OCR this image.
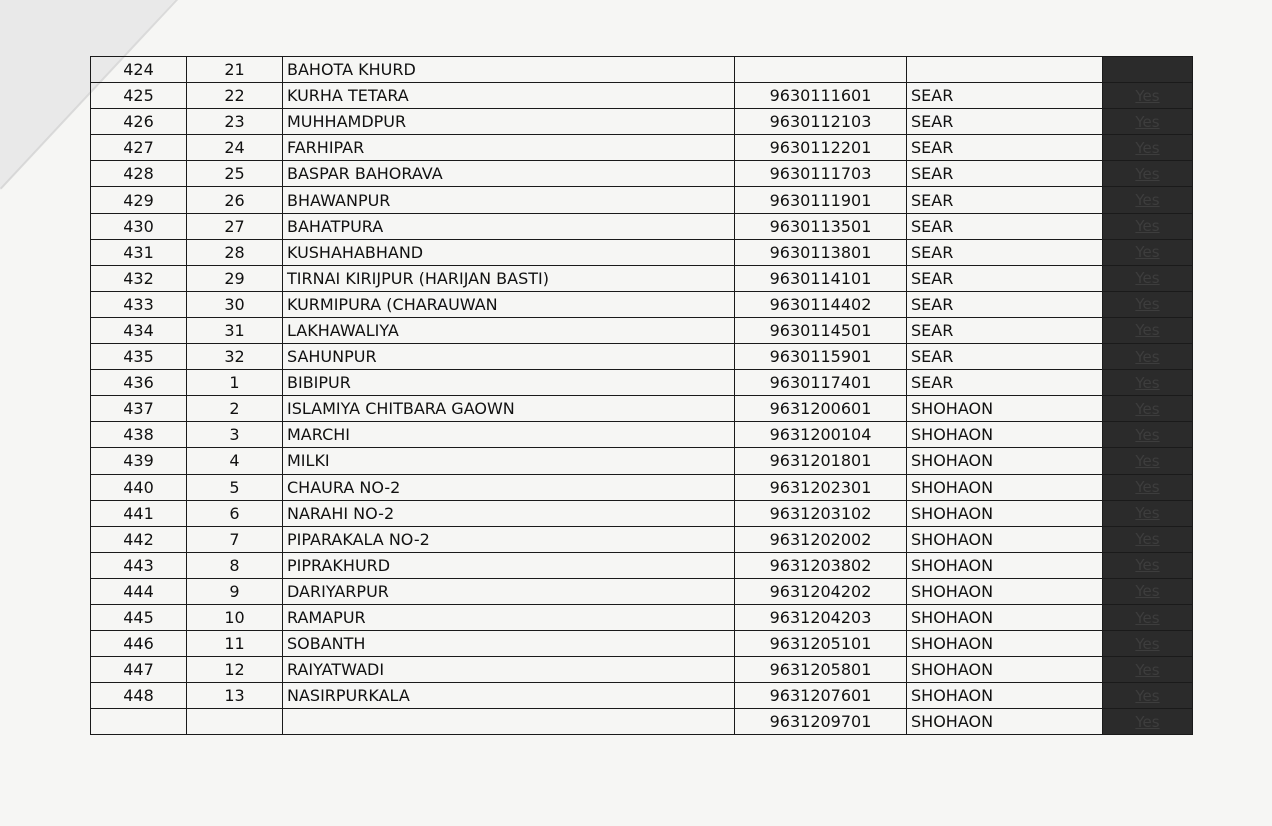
424	21	BAHOTA KHURD			
425	22	KURHA TETARA	9630111601	SEAR	Yes
426	23	MUHHAMDPUR	9630112103	SEAR	Yes
427	24	FARHIPAR	9630112201	SEAR	Yes
428	25	BASPAR BAHORAVA	9630111703	SEAR	Yes
429	26	BHAWANPUR	9630111901	SEAR	Yes
430	27	BAHATPURA	9630113501	SEAR	Yes
431	28	KUSHAHABHAND	9630113801	SEAR	Yes
432	29	TIRNAI KIRIJPUR (HARIJAN BASTI)	9630114101	SEAR	Yes
433	30	KURMIPURA (CHARAUWAN	9630114402	SEAR	Yes
434	31	LAKHAWALIYA	9630114501	SEAR	Yes
435	32	SAHUNPUR	9630115901	SEAR	Yes
436	1	BIBIPUR	9630117401	SEAR	Yes
437	2	ISLAMIYA CHITBARA GAOWN	9631200601	SHOHAON	Yes
438	3	MARCHI	9631200104	SHOHAON	Yes
439	4	MILKI	9631201801	SHOHAON	Yes
440	5	CHAURA NO-2	9631202301	SHOHAON	Yes
441	6	NARAHI NO-2	9631203102	SHOHAON	Yes
442	7	PIPARAKALA NO-2	9631202002	SHOHAON	Yes
443	8	PIPRAKHURD	9631203802	SHOHAON	Yes
444	9	DARIYARPUR	9631204202	SHOHAON	Yes
445	10	RAMAPUR	9631204203	SHOHAON	Yes
446	11	SOBANTH	9631205101	SHOHAON	Yes
447	12	RAIYATWADI	9631205801	SHOHAON	Yes
448	13	NASIRPURKALA	9631207601	SHOHAON	Yes
			9631209701	SHOHAON	Yes
